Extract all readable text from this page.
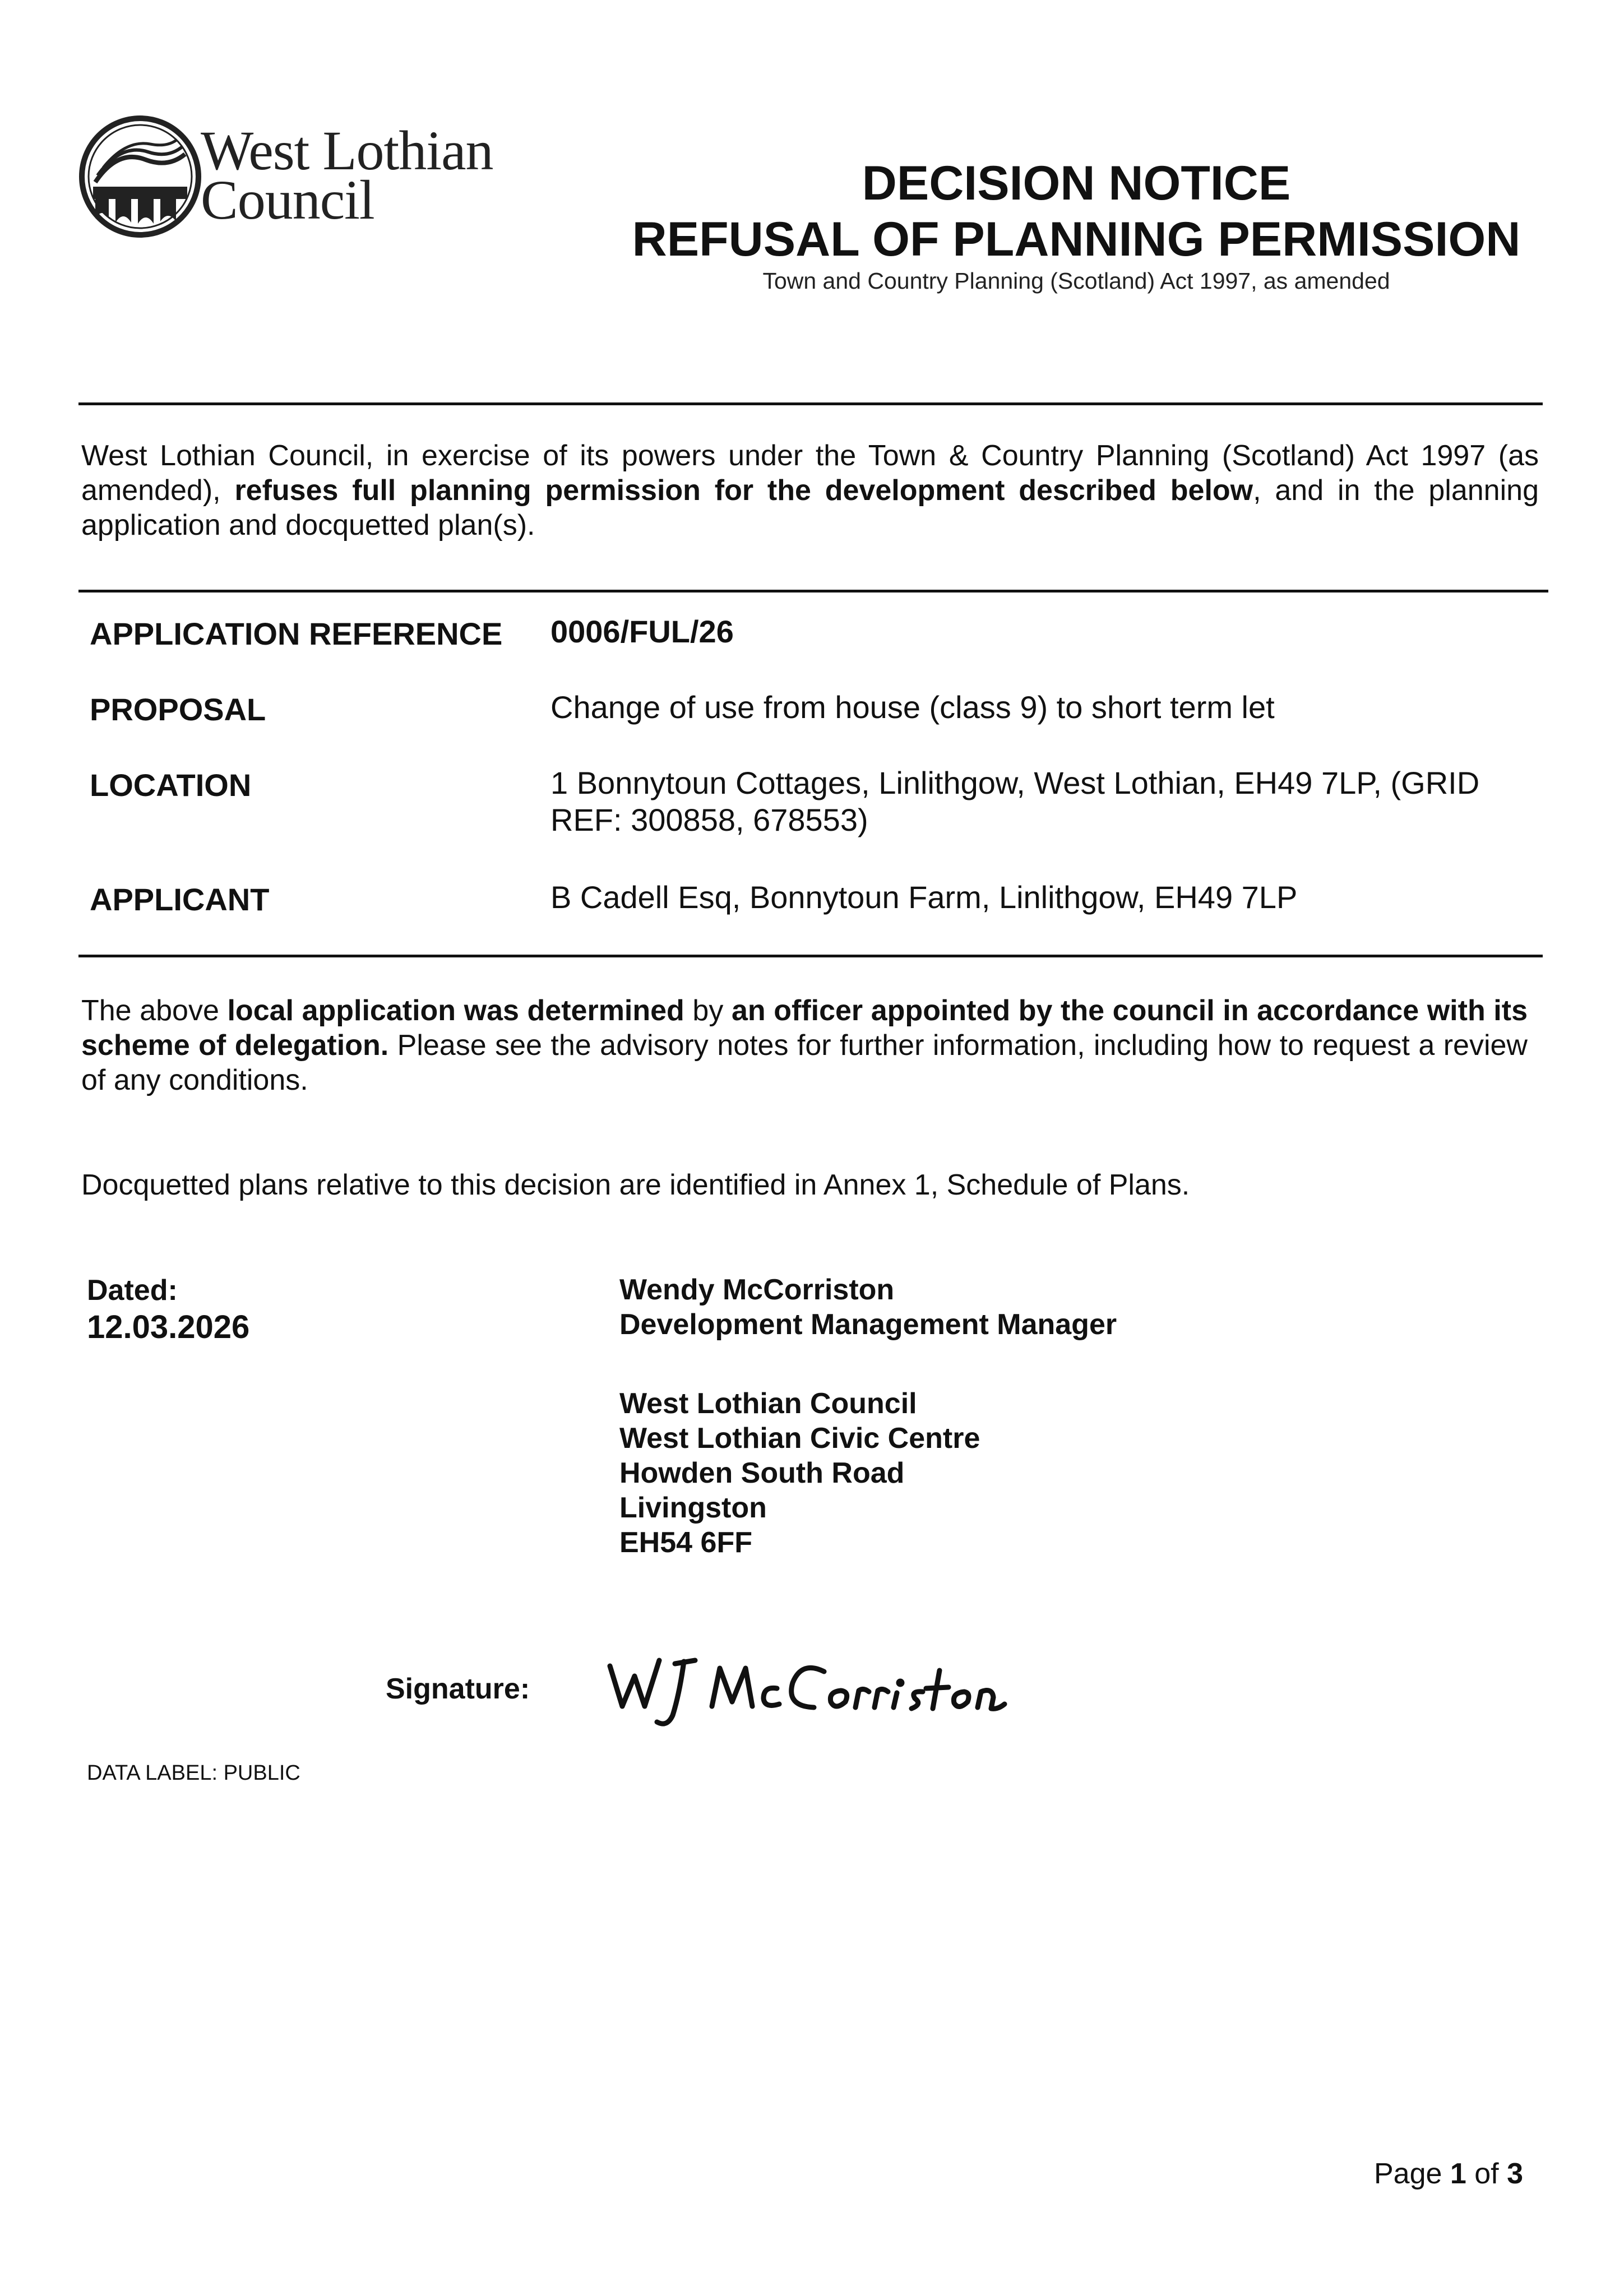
West Lothian
Council	DECISION NOTICE
REFUSAL OF PLANNING PERMISSION
Town and Country Planning (Scotland) Act 1997, as amended
West Lothian Council, in exercise of its powers under the Town & Country Planning (Scotland) Act 1997 (as amended), refuses full planning permission for the development described below, and in the planning application and docquetted plan(s).
APPLICATION REFERENCE 0006/FUL/26
PROPOSAL	Change of use from house (class 9) to short term let
LOCATION	1 Bonnytoun Cottages, Linlithgow, West Lothian, EH49 7LP, (GRID
REF: 300858, 678553)
APPLICANT	B Cadell Esq, Bonnytoun Farm, Linlithgow, EH49 7LP
The above local application was determined by an officer appointed by the council in accordance with its scheme of delegation. Please see the advisory notes for further information, including how to request a review of any conditions.
Docquetted plans relative to this decision are identified in Annex 1, Schedule of Plans.
Dated:
12.03.2026
Wendy McCorriston
Development Management Manager
West Lothian Council
West Lothian Civic Centre
Howden South Road
Livingston
EH54 6FF
Signature:
DATA LABEL: PUBLIC
Page 1 of 3
